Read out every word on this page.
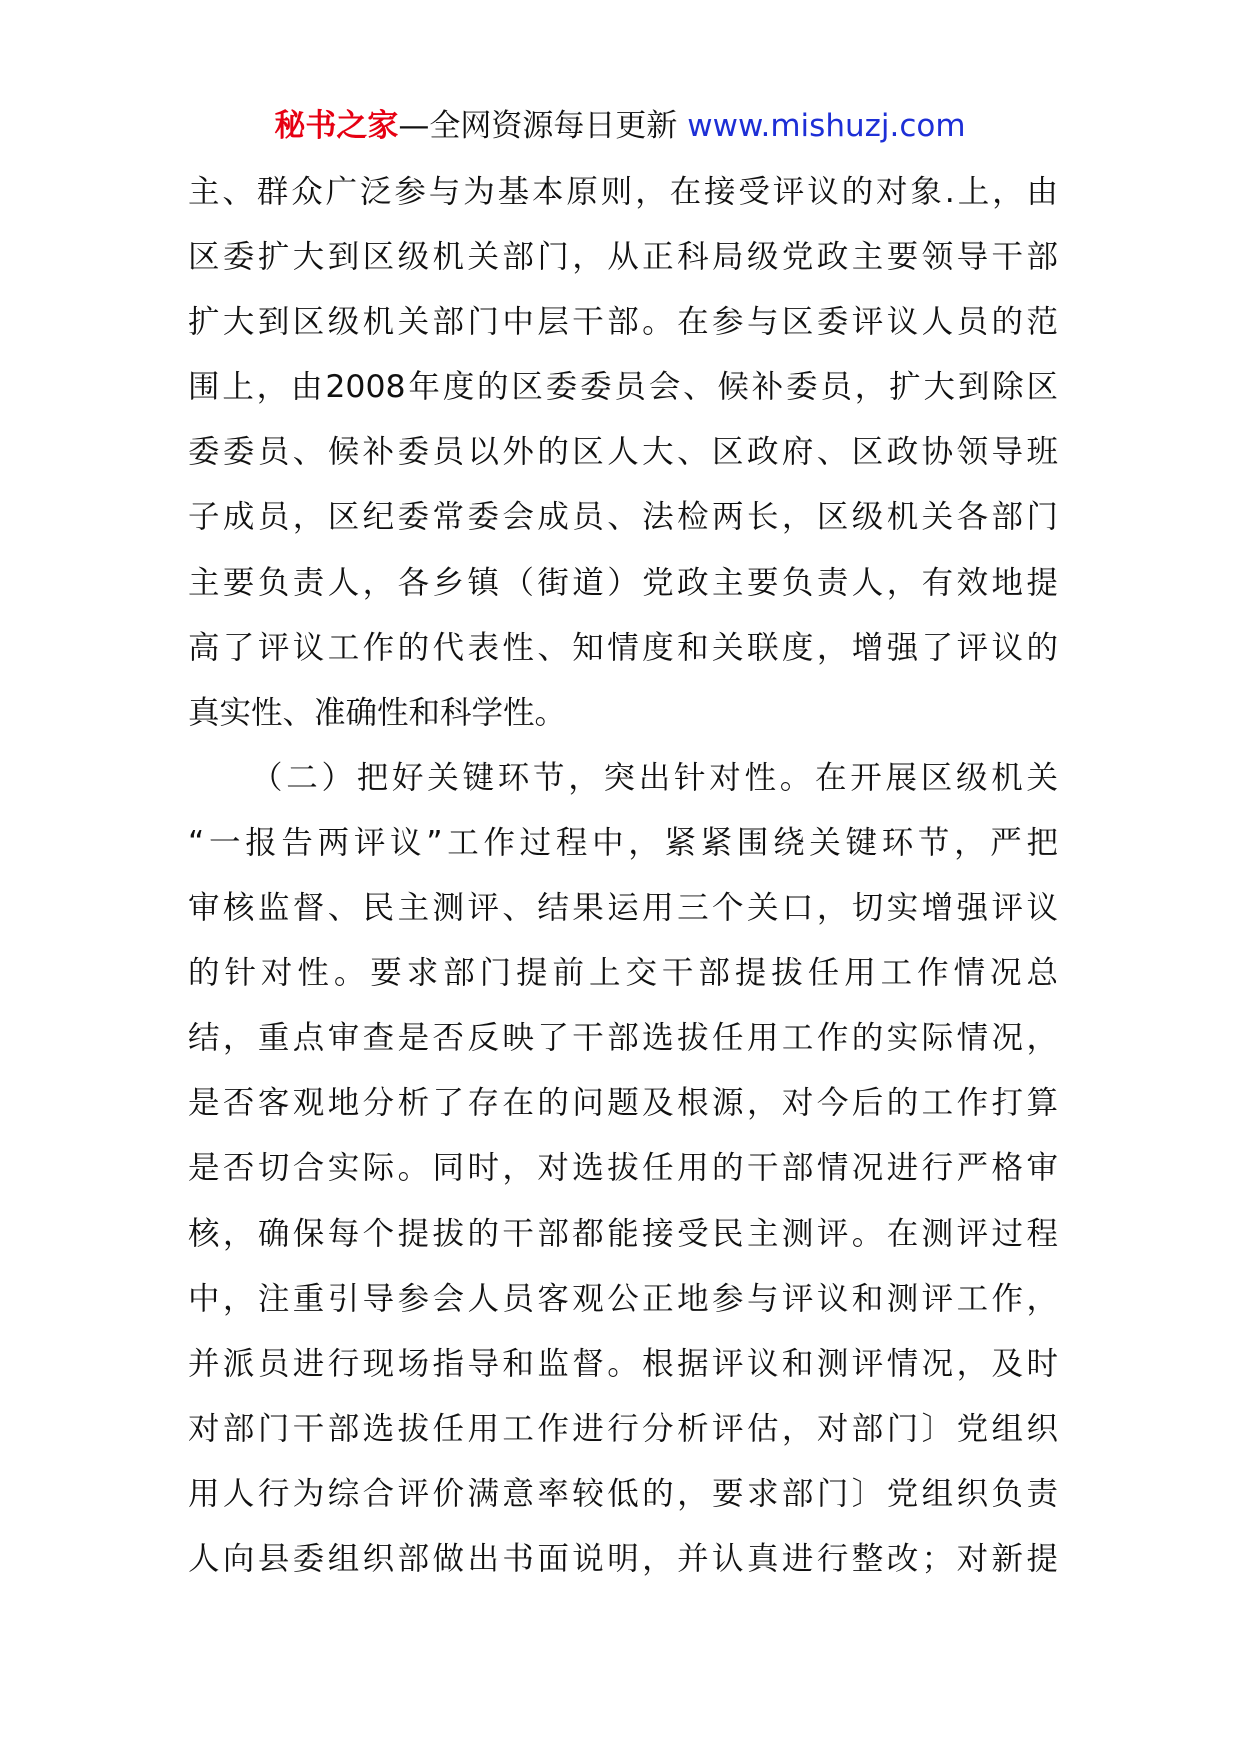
秘书之家—全网资源每日更新 www.mishuzj.com
主、群众广泛参与为基本原则，在接受评议的对象.上，由
区委扩大到区级机关部门，从正科局级党政主要领导干部
扩大到区级机关部门中层干部。在参与区委评议人员的范
围上，由2008年度的区委委员会、候补委员，扩大到除区
委委员、候补委员以外的区人大、区政府、区政协领导班
子成员，区纪委常委会成员、法检两长，区级机关各部门
主要负责人，各乡镇（街道）党政主要负责人，有效地提
高了评议工作的代表性、知情度和关联度，增强了评议的
真实性、准确性和科学性。
（二）把好关键环节，突出针对性。在开展区级机关
“一报告两评议”工作过程中，紧紧围绕关键环节，严把
审核监督、民主测评、结果运用三个关口，切实增强评议
的针对性。要求部门提前上交干部提拔任用工作情况总
结，重点审查是否反映了干部选拔任用工作的实际情况，
是否客观地分析了存在的问题及根源，对今后的工作打算
是否切合实际。同时，对选拔任用的干部情况进行严格审
核，确保每个提拔的干部都能接受民主测评。在测评过程
中，注重引导参会人员客观公正地参与评议和测评工作，
并派员进行现场指导和监督。根据评议和测评情况，及时
对部门干部选拔任用工作进行分析评估，对部门〕党组织
用人行为综合评价满意率较低的，要求部门〕党组织负责
人向县委组织部做出书面说明，并认真进行整改；对新提
